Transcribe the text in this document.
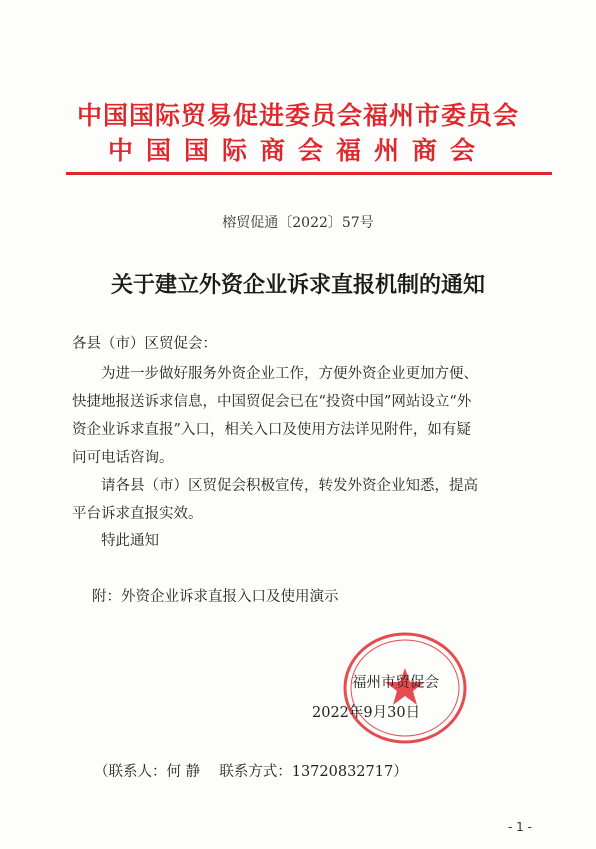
中国国际贸易促进委员会福州市委员会
中国国际商会福州商会
榕贸促通〔2022〕57号
关于建立外资企业诉求直报机制的通知
各县（市）区贸促会：
为进一步做好服务外资企业工作，方便外资企业更加方便、
快捷地报送诉求信息，中国贸促会已在“投资中国”网站设立“外
资企业诉求直报”入口，相关入口及使用方法详见附件，如有疑
问可电话咨询。
请各县（市）区贸促会积极宣传，转发外资企业知悉，提高
平台诉求直报实效。
特此通知
附：外资企业诉求直报入口及使用演示
福州市贸促会
2022年9月30日
（联系人：何 静　 联系方式：13720832717）
- 1 -
